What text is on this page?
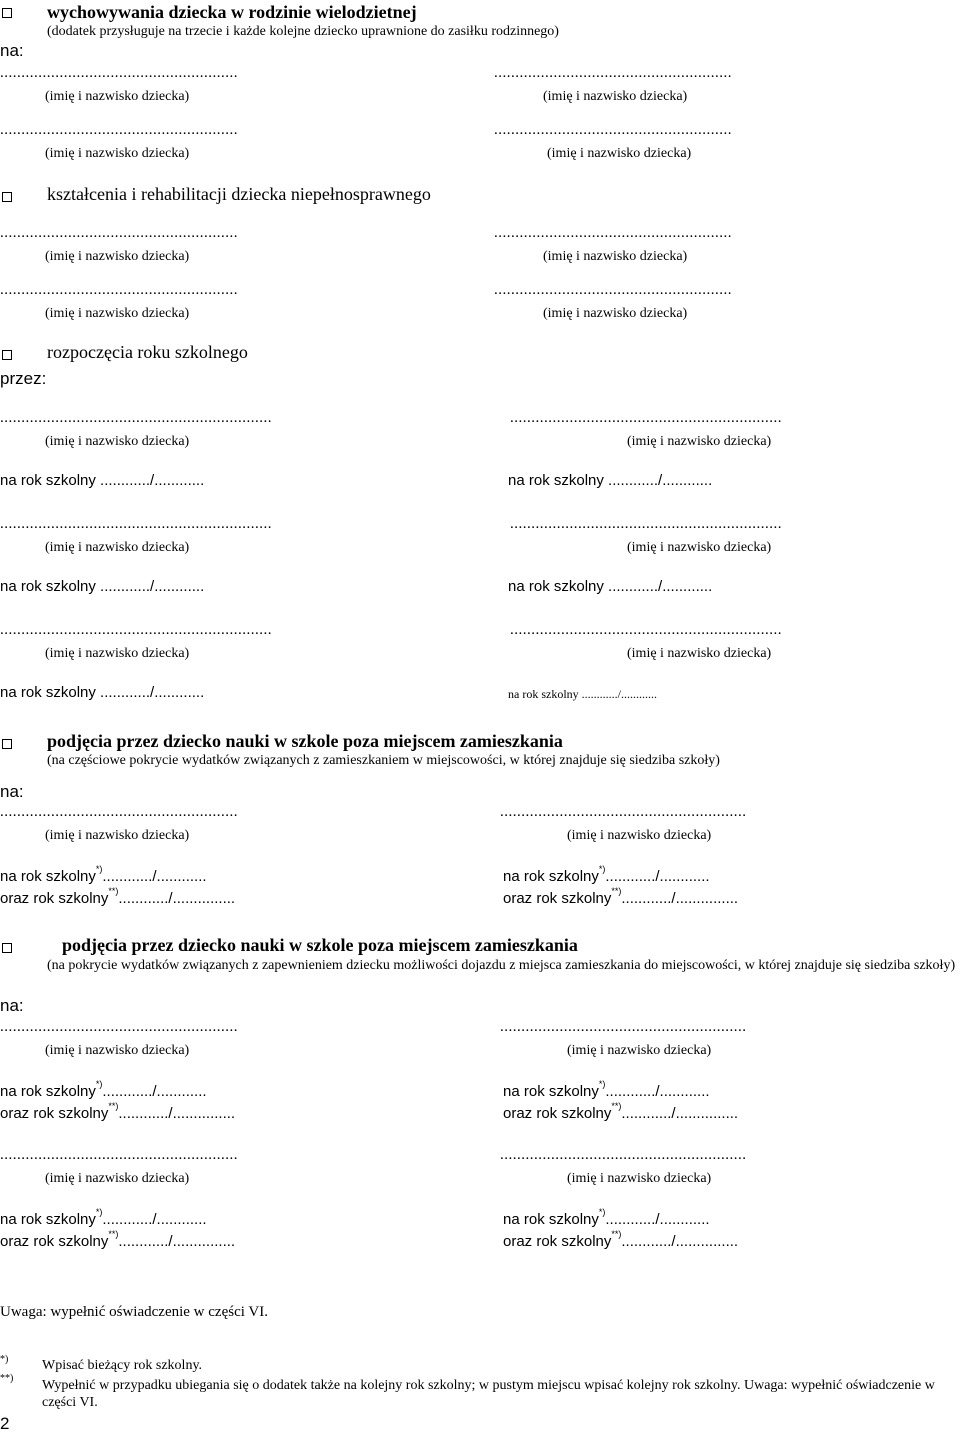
wychowywania dziecka w rodzinie wielodzietnej
(dodatek przysługuje na trzecie i każde kolejne dziecko uprawnione do zasiłku rodzinnego)
na:
........................................................
(imię i nazwisko dziecka)
........................................................
(imię i nazwisko dziecka)
........................................................
(imię i nazwisko dziecka)
........................................................
(imię i nazwisko dziecka)
kształcenia i rehabilitacji dziecka niepełnosprawnego
........................................................
(imię i nazwisko dziecka)
........................................................
(imię i nazwisko dziecka)
........................................................
(imię i nazwisko dziecka)
........................................................
(imię i nazwisko dziecka)
rozpoczęcia roku szkolnego
przez:
................................................................
(imię i nazwisko dziecka)
................................................................
(imię i nazwisko dziecka)
na rok szkolny ............/............	na rok szkolny ............/............
................................................................
(imię i nazwisko dziecka)
................................................................
(imię i nazwisko dziecka)
na rok szkolny ............/............	na rok szkolny ............/............
................................................................
(imię i nazwisko dziecka)
................................................................
(imię i nazwisko dziecka)
na rok szkolny ............/............	na rok szkolny ............/............
podjęcia przez dziecko nauki w szkole poza miejscem zamieszkania
(na częściowe pokrycie wydatków związanych z zamieszkaniem w miejscowości, w której znajduje się siedziba szkoły)
na:
........................................................
(imię i nazwisko dziecka)
..........................................................
(imię i nazwisko dziecka)
na rok szkolny*)............/............	na rok szkolny*)............/............
oraz rok szkolny**)............/...............	oraz rok szkolny**)............/...............
podjęcia przez dziecko nauki w szkole poza miejscem zamieszkania
(na pokrycie wydatków związanych z zapewnieniem dziecku możliwości dojazdu z miejsca zamieszkania do miejscowości, w której znajduje się siedziba szkoły)
na:
........................................................
(imię i nazwisko dziecka)
..........................................................
(imię i nazwisko dziecka)
na rok szkolny*)............/............	na rok szkolny*)............/............
oraz rok szkolny**)............/...............	oraz rok szkolny**)............/...............
........................................................
(imię i nazwisko dziecka)
..........................................................
(imię i nazwisko dziecka)
na rok szkolny*)............/............	na rok szkolny*)............/............
oraz rok szkolny**)............/...............	oraz rok szkolny**)............/...............
Uwaga: wypełnić oświadczenie w części VI.
*) Wpisać bieżący rok szkolny.
**) Wypełnić w przypadku ubiegania się o dodatek także na kolejny rok szkolny; w pustym miejscu wpisać kolejny rok szkolny. Uwaga: wypełnić oświadczenie w części VI.
2
